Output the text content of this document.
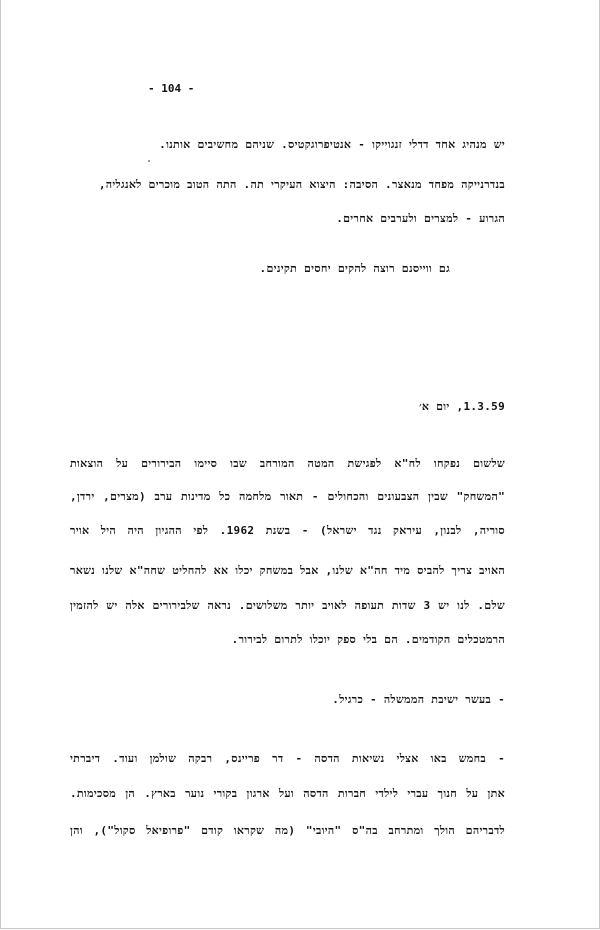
- 104 -
יש מנהיג אחד דדלי זנגוייקו - אנטיפרוגקטיס. שניהם מחשיבים אותנו.
בנדרנייקה מפחד מנאצר. הסיבה: היצוא העיקרי תה. התה הטוב מוכרים לאנגליה,
הגרוע - למצרים ולערבים אחרים.
גם ווייסנם רוצה להקים יחסים תקינים.
1.3.59, יום א׳
שלשום נפקחו לח"א לפגישת המטה המורחב שבו סיימו הבירורים על הוצאות
"המשחק" שבין הצבעונים והכחולים - תאור מלחמה כל מדינות ערב (מצרים, ירדן,
סוריה, לבנון, עיראק נגד ישראל) - בשנת 1962. לפי ההגיון היה היל אויר
האויב צריך להביס מיד חה"א שלנו, אבל במשחק יכלו אא להחליט שחה"א שלנו נשאר
שלם. לנו יש 3 שדות תעופה לאויב יותר משלושים. נראה שלבירורים אלה יש להזמין
הרמטכלים הקודמים. הם בלי ספק יוכלו לתרום לבירור.
- בעשר ישיבת הממשלה - כרגיל.
- בחמש באו אצלי נשיאות הדסה - דר פריינס, רבקה שולמן ועוד. דיברתי
אתן על חנוך עברי לילדי חברות הדסה ועל ארגון בקורי נוער בארץ. הן מסכימות.
לדבריהם הולך ומתרחב בה"ס "היובי" (מה שקראו קודם "פרופיאל סקול"), והן
